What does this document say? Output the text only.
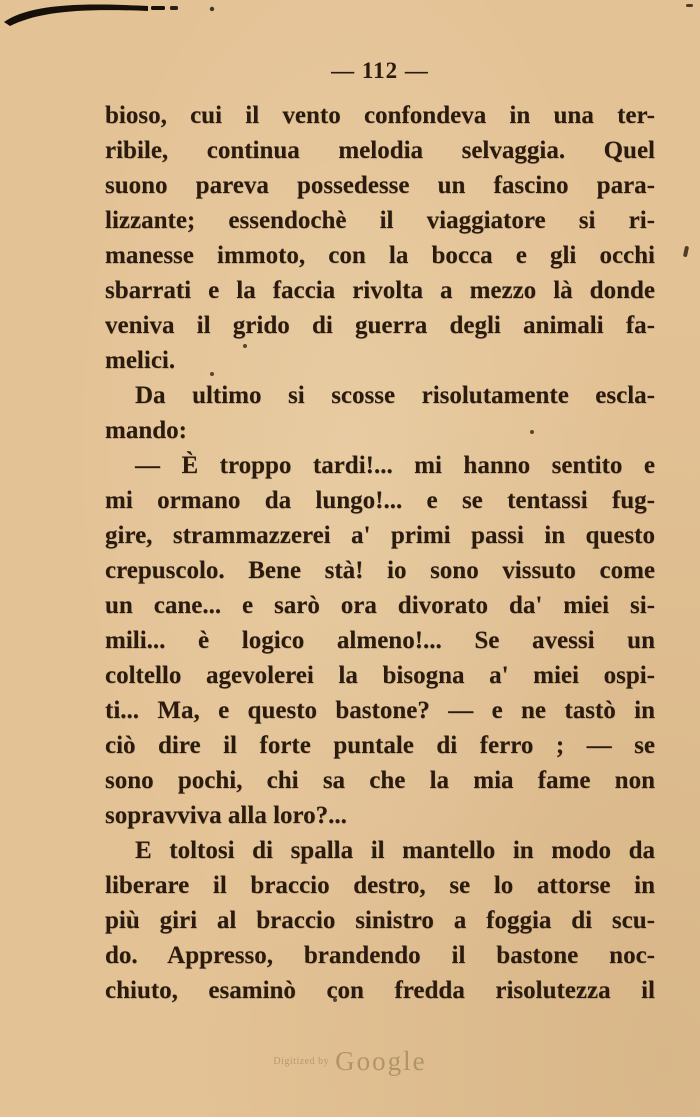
— 112 —
bioso, cui il vento confondeva in una ter-
ribile, continua melodia selvaggia. Quel
suono pareva possedesse un fascino para-
lizzante; essendochè il viaggiatore si ri-
manesse immoto, con la bocca e gli occhi
sbarrati e la faccia rivolta a mezzo là donde
veniva il grido di guerra degli animali fa-
melici.
Da ultimo si scosse risolutamente escla-
mando:
— È troppo tardi!... mi hanno sentito e
mi ormano da lungo!... e se tentassi fug-
gire, strammazzerei a' primi passi in questo
crepuscolo. Bene stà! io sono vissuto come
un cane... e sarò ora divorato da' miei si-
mili... è logico almeno!... Se avessi un
coltello agevolerei la bisogna a' miei ospi-
ti... Ma, e questo bastone? — e ne tastò in
ciò dire il forte puntale di ferro ; — se
sono pochi, chi sa che la mia fame non
sopravviva alla loro?...
E toltosi di spalla il mantello in modo da
liberare il braccio destro, se lo attorse in
più giri al braccio sinistro a foggia di scu-
do. Appresso, brandendo il bastone noc-
chiuto, esaminò con fredda risolutezza il
$^{Digitized by}$ Google
